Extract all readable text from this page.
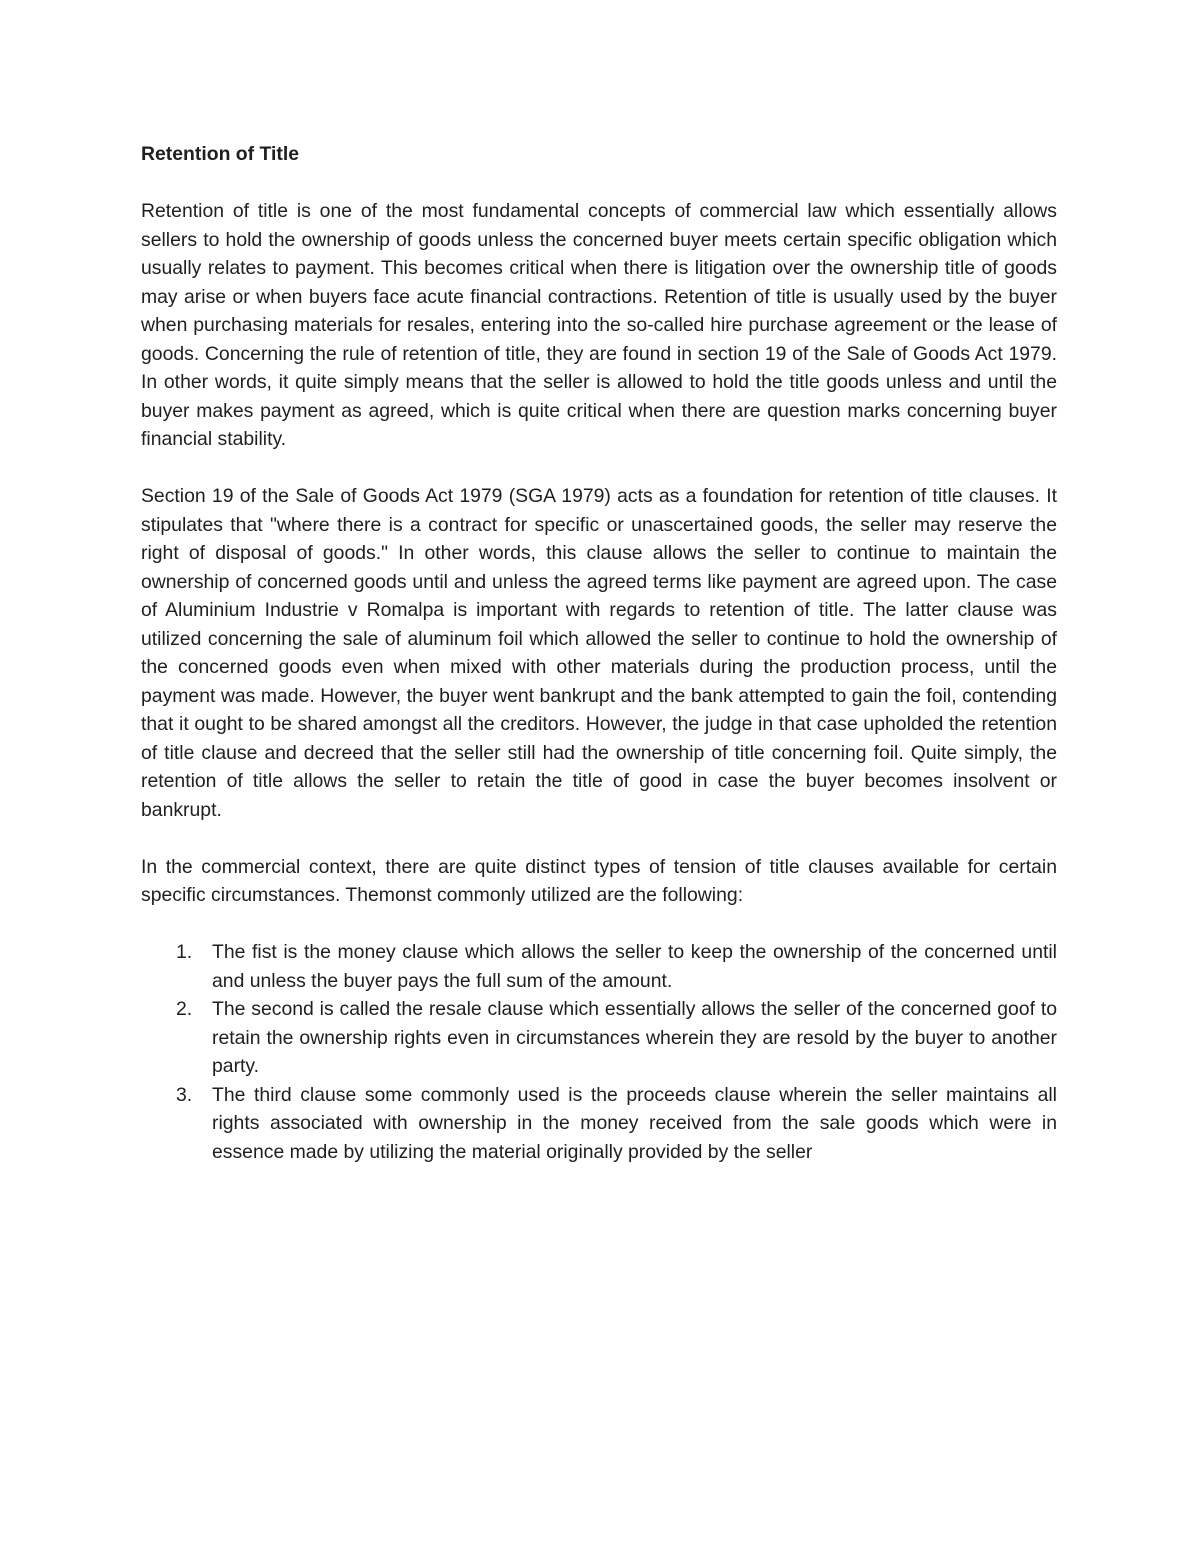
Retention of Title

Retention of title is one of the most fundamental concepts of commercial law which essentially allows sellers to hold the ownership of goods unless the concerned buyer meets certain specific obligation which usually relates to payment. This becomes critical when there is litigation over the ownership title of goods may arise or when buyers face acute financial contractions. Retention of title is usually used by the buyer when purchasing materials for resales, entering into the so-called hire purchase agreement or the lease of goods. Concerning the rule of retention of title, they are found in section 19 of the Sale of Goods Act 1979. In other words, it quite simply means that the seller is allowed to hold the title goods unless and until the buyer makes payment as agreed, which is quite critical when there are question marks concerning buyer financial stability.

Section 19 of the Sale of Goods Act 1979 (SGA 1979) acts as a foundation for retention of title clauses. It stipulates that "where there is a contract for specific or unascertained goods, the seller may reserve the right of disposal of goods." In other words, this clause allows the seller to continue to maintain the ownership of concerned goods until and unless the agreed terms like payment are agreed upon. The case of Aluminium Industrie v Romalpa is important with regards to retention of title. The latter clause was utilized concerning the sale of aluminum foil which allowed the seller to continue to hold the ownership of the concerned goods even when mixed with other materials during the production process, until the payment was made. However, the buyer went bankrupt and the bank attempted to gain the foil, contending that it ought to be shared amongst all the creditors. However, the judge in that case upholded the retention of title clause and decreed that the seller still had the ownership of title concerning foil. Quite simply, the retention of title allows the seller to retain the title of good in case the buyer becomes insolvent or bankrupt.

In the commercial context, there are quite distinct types of tension of title clauses available for certain specific circumstances. Themonst commonly utilized are the following:

1. The fist is the money clause which allows the seller to keep the ownership of the concerned until and unless the buyer pays the full sum of the amount.
2. The second is called the resale clause which essentially allows the seller of the concerned goof to retain the ownership rights even in circumstances wherein they are resold by the buyer to another party.
3. The third clause some commonly used is the proceeds clause wherein the seller maintains all rights associated with ownership in the money received from the sale goods which were in essence made by utilizing the material originally provided by the seller
